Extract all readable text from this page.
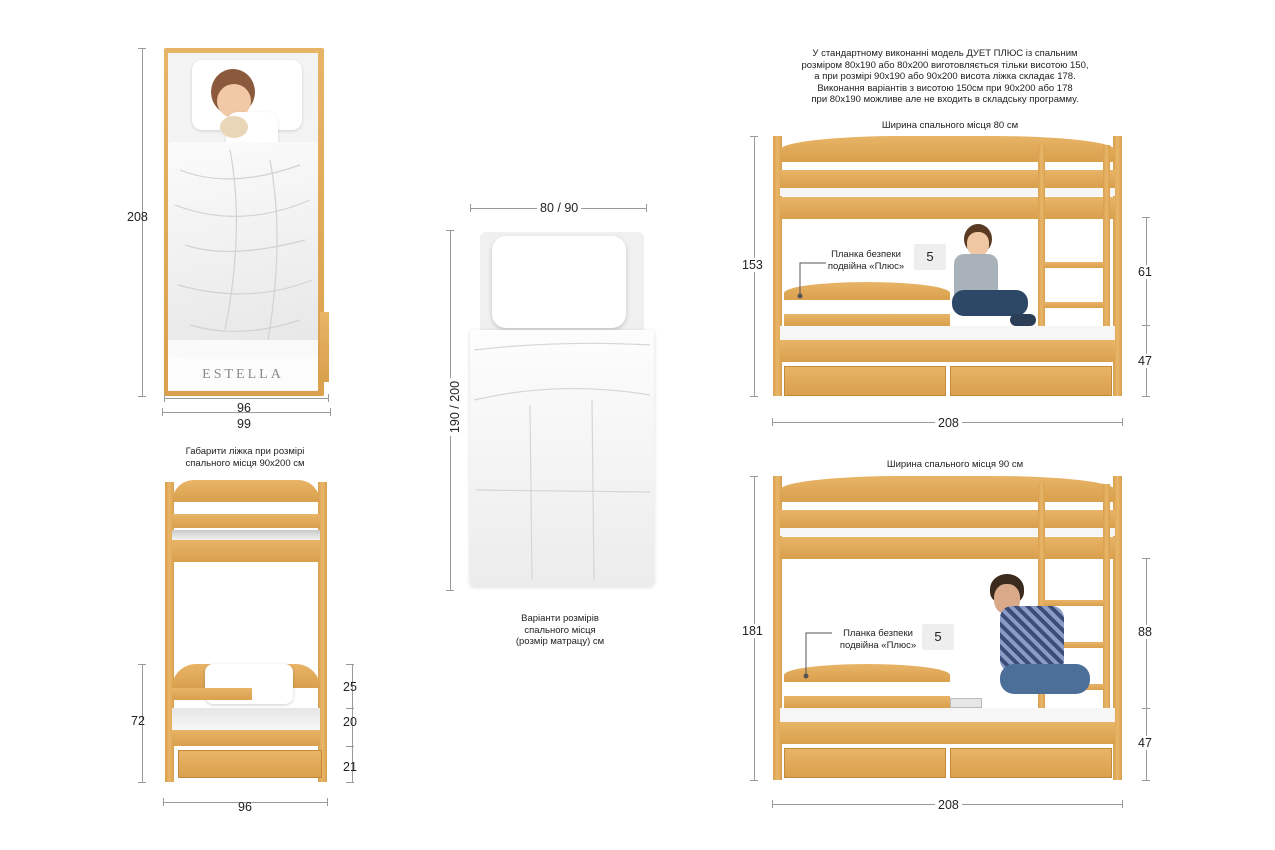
208
ESTELLA
96
99
Габарити ліжка при розмірі
спального місця 90х200 см
72
25
20
21
96
80 / 90
190 / 200
Варіанти розмірів
спального місця
(розмір матрацу) см
У стандартному виконанні модель ДУЕТ ПЛЮС із спальним
розміром 80х190 або 80х200 виготовляється тільки висотою 150,
а при розмірі 90х190 або 90х200 висота ліжка складає 178.
Виконання варіантів з висотою 150см при 90х200 або 178
при 80х190 можливе але не входить в складську программу.
Ширина спального місця 80 см
Планка безпеки
подвійна «Плюс»
5
153	61
47
208
Ширина спального місця 90 см
Планка безпеки
подвійна «Плюс»
5
181	88
47
208
